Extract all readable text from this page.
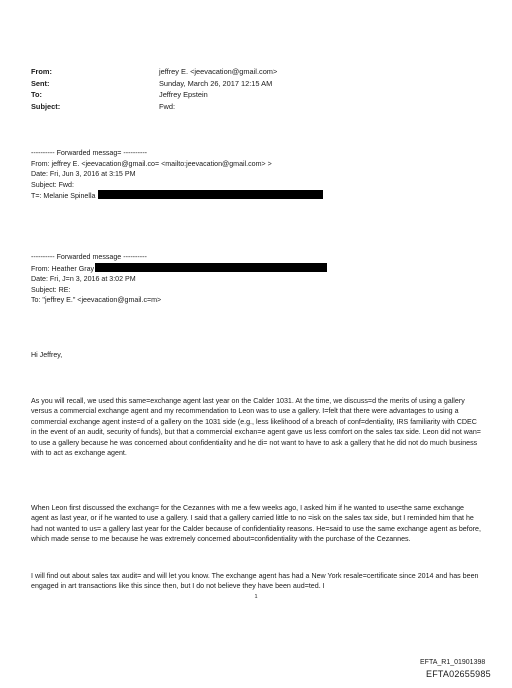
From:	jeffrey E. <jeevacation@gmail.com>
Sent:	Sunday, March 26, 2017 12:15 AM
To:	Jeffrey Epstein
Subject:	Fwd:
---------- Forwarded messag= ----------
From: jeffrey E. <jeevacation@gmail.co= <mailto:jeevacation@gmail.com> >
Date: Fri, Jun 3, 2016 at 3:15 PM
Subject: Fwd:
T=: Melanie Spinella
---------- Forwarded message ----------
From: Heather Gray
Date: Fri, J=n 3, 2016 at 3:02 PM
Subject: RE:
To: "jeffrey E." <jeevacation@gmail.c=m>
Hi Jeffrey,
As you will recall, we used this same=exchange agent last year on the Calder 1031. At the time, we discuss=d the merits of using a gallery versus a commercial exchange agent and my recommendation to Leon was to use a gallery. I=felt that there were advantages to using a commercial exchange agent inste=d of a gallery on the 1031 side (e.g., less likelihood of a breach of conf=dentiality, IRS familiarity with CDEC in the event of an audit, security of funds), but that a commercial exchan=e agent gave us less comfort on the sales tax side. Leon did not wan= to use a gallery because he was concerned about confidentiality and he di= not want to have to ask a gallery that he did not do much business with to act as exchange agent.
When Leon first discussed the exchang= for the Cezannes with me a few weeks ago, I asked him if he wanted to use=the same exchange agent as last year, or if he wanted to use a gallery. I said that a gallery carried little to no =isk on the sales tax side, but I reminded him that he had not wanted to us= a gallery last year for the Calder because of confidentiality reasons. He=said to use the same exchange agent as before, which made sense to me because he was extremely concerned about=confidentiality with the purchase of the Cezannes.
I will find out about sales tax audit= and will let you know. The exchange agent has had a New York resale=certificate since 2014 and has been engaged in art transactions like this since then, but I do not believe they have been aud=ted. I
1
EFTA_R1_01901398
EFTA02655985
